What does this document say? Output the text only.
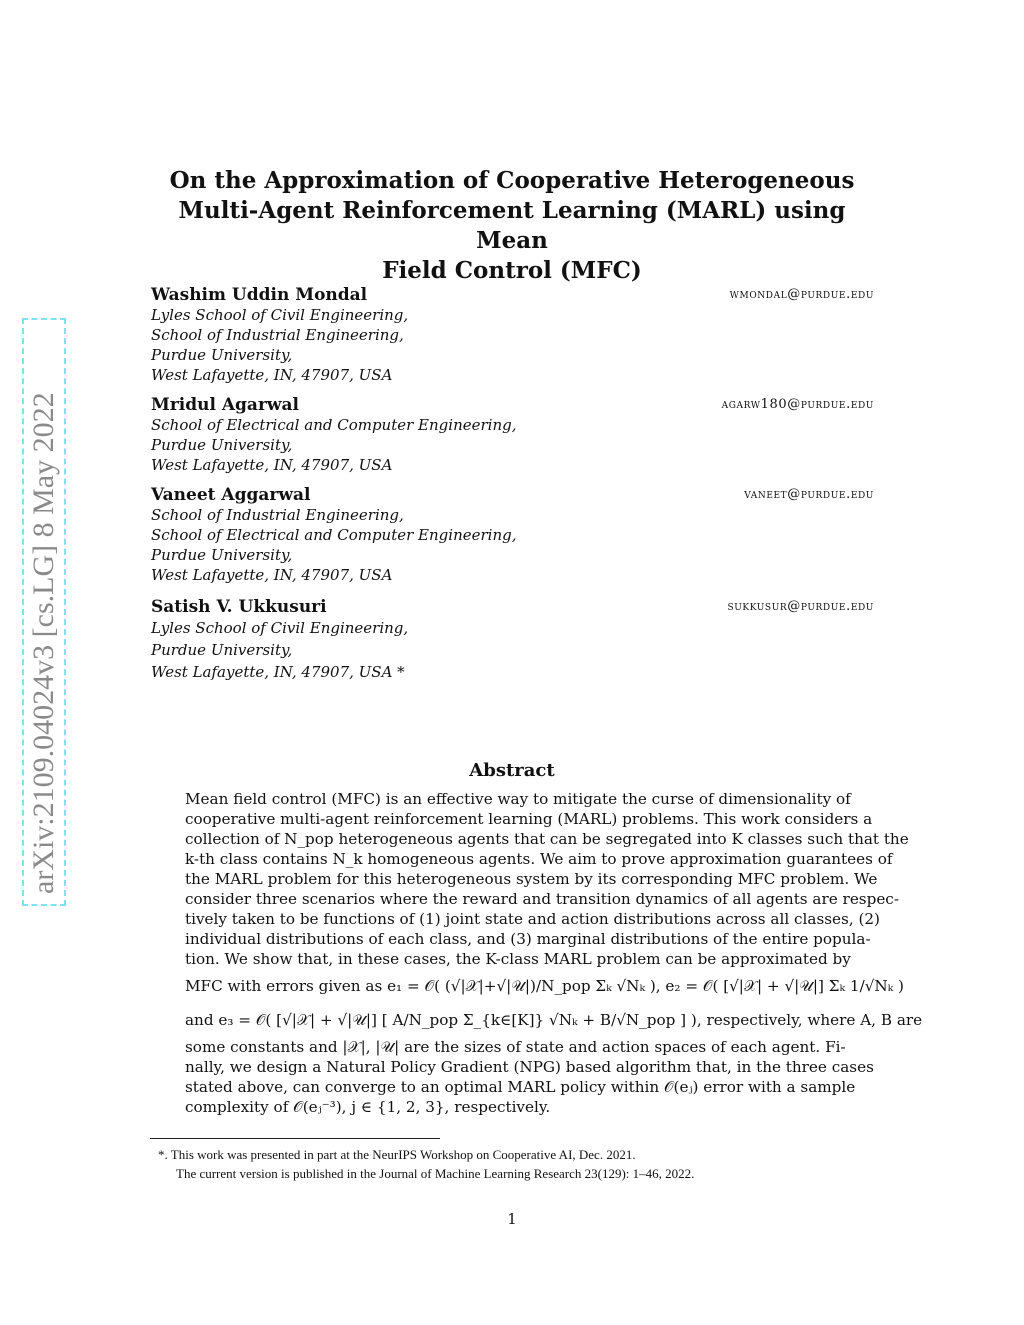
arXiv:2109.04024v3 [cs.LG] 8 May 2022
On the Approximation of Cooperative Heterogeneous
Multi-Agent Reinforcement Learning (MARL) using Mean
Field Control (MFC)
Washim Uddin Mondal	wmondal@purdue.edu
Lyles School of Civil Engineering,
School of Industrial Engineering,
Purdue University,
West Lafayette, IN, 47907, USA
Mridul Agarwal	agarw180@purdue.edu
School of Electrical and Computer Engineering,
Purdue University,
West Lafayette, IN, 47907, USA
Vaneet Aggarwal	vaneet@purdue.edu
School of Industrial Engineering,
School of Electrical and Computer Engineering,
Purdue University,
West Lafayette, IN, 47907, USA
Satish V. Ukkusuri	sukkusur@purdue.edu
Lyles School of Civil Engineering,
Purdue University,
West Lafayette, IN, 47907, USA *
Abstract
Mean field control (MFC) is an effective way to mitigate the curse of dimensionality of
cooperative multi-agent reinforcement learning (MARL) problems. This work considers a
collection of N_pop heterogeneous agents that can be segregated into K classes such that the
k-th class contains N_k homogeneous agents. We aim to prove approximation guarantees of
the MARL problem for this heterogeneous system by its corresponding MFC problem. We
consider three scenarios where the reward and transition dynamics of all agents are respec-
tively taken to be functions of (1) joint state and action distributions across all classes, (2)
individual distributions of each class, and (3) marginal distributions of the entire popula-
tion. We show that, in these cases, the K-class MARL problem can be approximated by
MFC with errors given as e₁ = 𝒪( (√|𝒳|+√|𝒰|)/N_pop Σₖ √Nₖ ), e₂ = 𝒪( [√|𝒳| + √|𝒰|] Σₖ 1/√Nₖ )
and e₃ = 𝒪( [√|𝒳| + √|𝒰|] [ A/N_pop Σ_{k∈[K]} √Nₖ + B/√N_pop ] ), respectively, where A, B are
some constants and |𝒳|, |𝒰| are the sizes of state and action spaces of each agent. Fi-
nally, we design a Natural Policy Gradient (NPG) based algorithm that, in the three cases
stated above, can converge to an optimal MARL policy within 𝒪(eⱼ) error with a sample
complexity of 𝒪(eⱼ⁻³), j ∈ {1, 2, 3}, respectively.
*. This work was presented in part at the NeurIPS Workshop on Cooperative AI, Dec. 2021.
The current version is published in the Journal of Machine Learning Research 23(129): 1–46, 2022.
1
